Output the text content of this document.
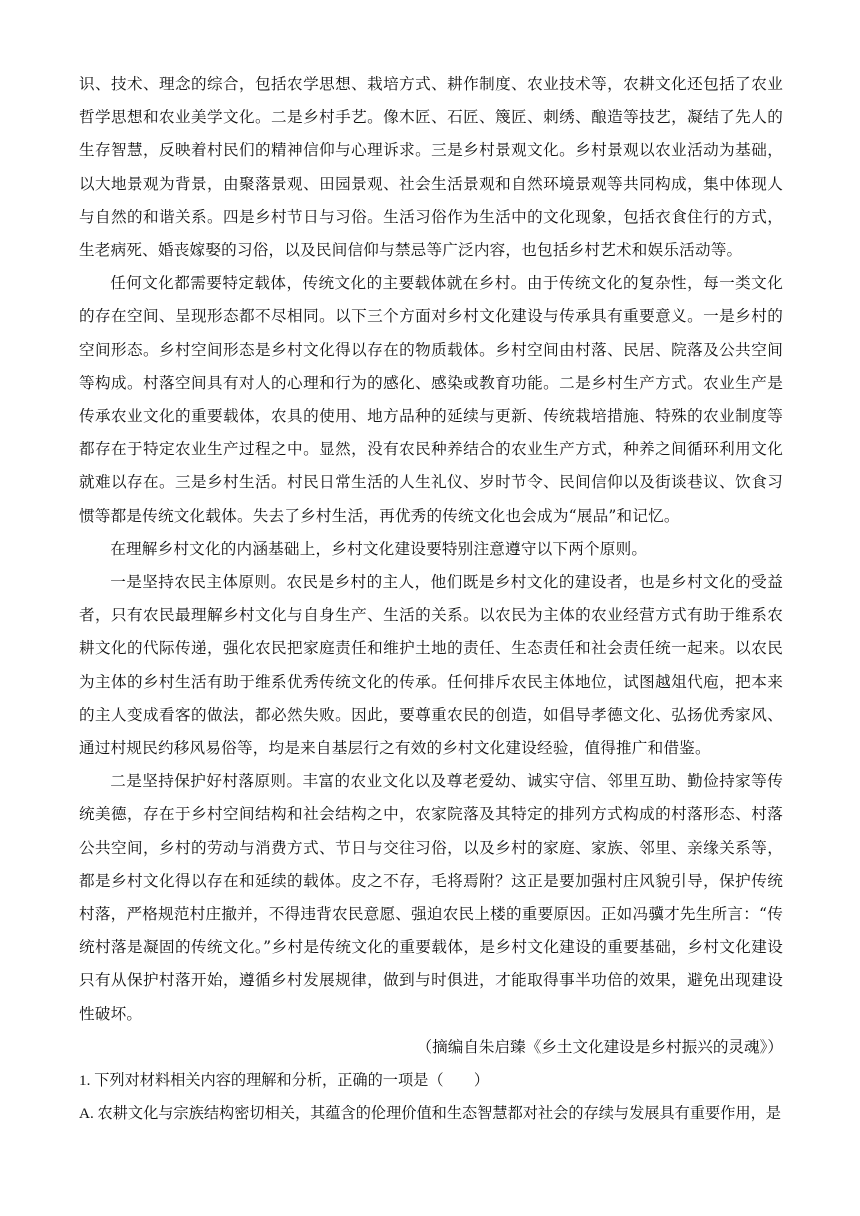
识、技术、理念的综合，包括农学思想、栽培方式、耕作制度、农业技术等，农耕文化还包括了农业哲学思想和农业美学文化。二是乡村手艺。像木匠、石匠、篾匠、刺绣、酿造等技艺，凝结了先人的生存智慧，反映着村民们的精神信仰与心理诉求。三是乡村景观文化。乡村景观以农业活动为基础，以大地景观为背景，由聚落景观、田园景观、社会生活景观和自然环境景观等共同构成，集中体现人与自然的和谐关系。四是乡村节日与习俗。生活习俗作为生活中的文化现象，包括衣食住行的方式，生老病死、婚丧嫁娶的习俗，以及民间信仰与禁忌等广泛内容，也包括乡村艺术和娱乐活动等。

任何文化都需要特定载体，传统文化的主要载体就在乡村。由于传统文化的复杂性，每一类文化的存在空间、呈现形态都不尽相同。以下三个方面对乡村文化建设与传承具有重要意义。一是乡村的空间形态。乡村空间形态是乡村文化得以存在的物质载体。乡村空间由村落、民居、院落及公共空间等构成。村落空间具有对人的心理和行为的感化、感染或教育功能。二是乡村生产方式。农业生产是传承农业文化的重要载体，农具的使用、地方品种的延续与更新、传统栽培措施、特殊的农业制度等都存在于特定农业生产过程之中。显然，没有农民种养结合的农业生产方式，种养之间循环利用文化就难以存在。三是乡村生活。村民日常生活的人生礼仪、岁时节令、民间信仰以及街谈巷议、饮食习惯等都是传统文化载体。失去了乡村生活，再优秀的传统文化也会成为“展品”和记忆。

在理解乡村文化的内涵基础上，乡村文化建设要特别注意遵守以下两个原则。

一是坚持农民主体原则。农民是乡村的主人，他们既是乡村文化的建设者，也是乡村文化的受益者，只有农民最理解乡村文化与自身生产、生活的关系。以农民为主体的农业经营方式有助于维系农耕文化的代际传递，强化农民把家庭责任和维护土地的责任、生态责任和社会责任统一起来。以农民为主体的乡村生活有助于维系优秀传统文化的传承。任何排斥农民主体地位，试图越俎代庖，把本来的主人变成看客的做法，都必然失败。因此，要尊重农民的创造，如倡导孝德文化、弘扬优秀家风、通过村规民约移风易俗等，均是来自基层行之有效的乡村文化建设经验，值得推广和借鉴。

二是坚持保护好村落原则。丰富的农业文化以及尊老爱幼、诚实守信、邻里互助、勤俭持家等传统美德，存在于乡村空间结构和社会结构之中，农家院落及其特定的排列方式构成的村落形态、村落公共空间，乡村的劳动与消费方式、节日与交往习俗，以及乡村的家庭、家族、邻里、亲缘关系等，都是乡村文化得以存在和延续的载体。皮之不存，毛将焉附？这正是要加强村庄风貌引导，保护传统村落，严格规范村庄撤并，不得违背农民意愿、强迫农民上楼的重要原因。正如冯骥才先生所言：“传统村落是凝固的传统文化。”乡村是传统文化的重要载体，是乡村文化建设的重要基础，乡村文化建设只有从保护村落开始，遵循乡村发展规律，做到与时俱进，才能取得事半功倍的效果，避免出现建设性破坏。

（摘编自朱启臻《乡土文化建设是乡村振兴的灵魂》）

1. 下列对材料相关内容的理解和分析，正确的一项是（　　）

A. 农耕文化与宗族结构密切相关，其蕴含的伦理价值和生态智慧都对社会的存续与发展具有重要作用，是
